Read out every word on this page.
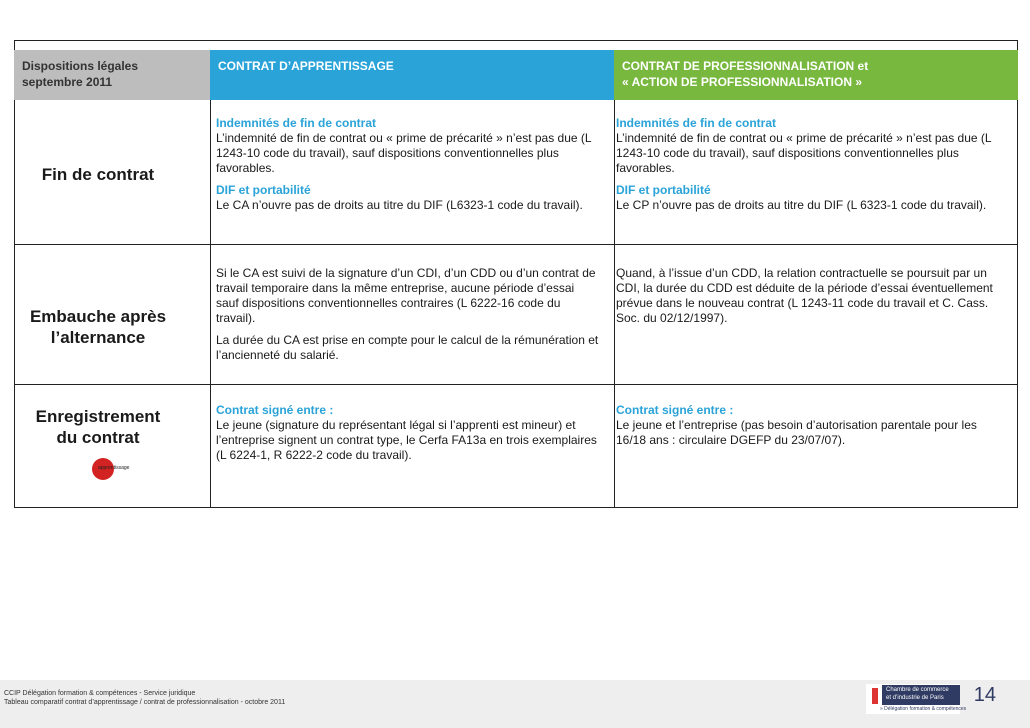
Dispositions légales
septembre 2011
CONTRAT D’APPRENTISSAGE	CONTRAT DE PROFESSIONNALISATION et
« ACTION DE PROFESSIONNALISATION »
Fin de contrat

Indemnités de fin de contrat
L’indemnité de fin de contrat ou « prime de précarité » n’est pas due (L 1243-10 code du travail), sauf dispositions conventionnelles plus favorables.

DIF et portabilité
Le CA n’ouvre pas de droits au titre du DIF (L6323-1 code du travail).

Indemnités de fin de contrat
L’indemnité de fin de contrat ou « prime de précarité » n’est pas due (L 1243-10 code du travail), sauf dispositions conventionnelles plus favorables.

DIF et portabilité
Le CP n’ouvre pas de droits au titre du DIF (L 6323-1 code du travail).

Embauche après
l’alternance

Si le CA est suivi de la signature d’un CDI, d’un CDD ou d’un contrat de travail temporaire dans la même entreprise, aucune période d’essai sauf dispositions conventionnelles contraires (L 6222-16 code du travail).

La durée du CA est prise en compte pour le calcul de la rémunération et l’ancienneté du salarié.

Quand, à l’issue d’un CDD, la relation contractuelle se poursuit par un CDI, la durée du CDD est déduite de la période d’essai éventuellement prévue dans le nouveau contrat (L 1243-11 code du travail et C. Cass. Soc. du 02/12/1997).

Enregistrement
du contrat
apprentissage

Contrat signé entre :
Le jeune (signature du représentant légal si l’apprenti est mineur) et l’entreprise signent un contrat type, le Cerfa FA13a en trois exemplaires (L 6224-1, R 6222-2 code du travail).

Contrat signé entre :
Le jeune et l’entreprise (pas besoin d’autorisation parentale pour les 16/18 ans : circulaire DGEFP du 23/07/07).

CCIP Délégation formation & compétences - Service juridique
Tableau comparatif contrat d’apprentissage / contrat de professionnalisation - octobre 2011
Chambre de commerce
et d’industrie de Paris
» Délégation formation & compétences
14
